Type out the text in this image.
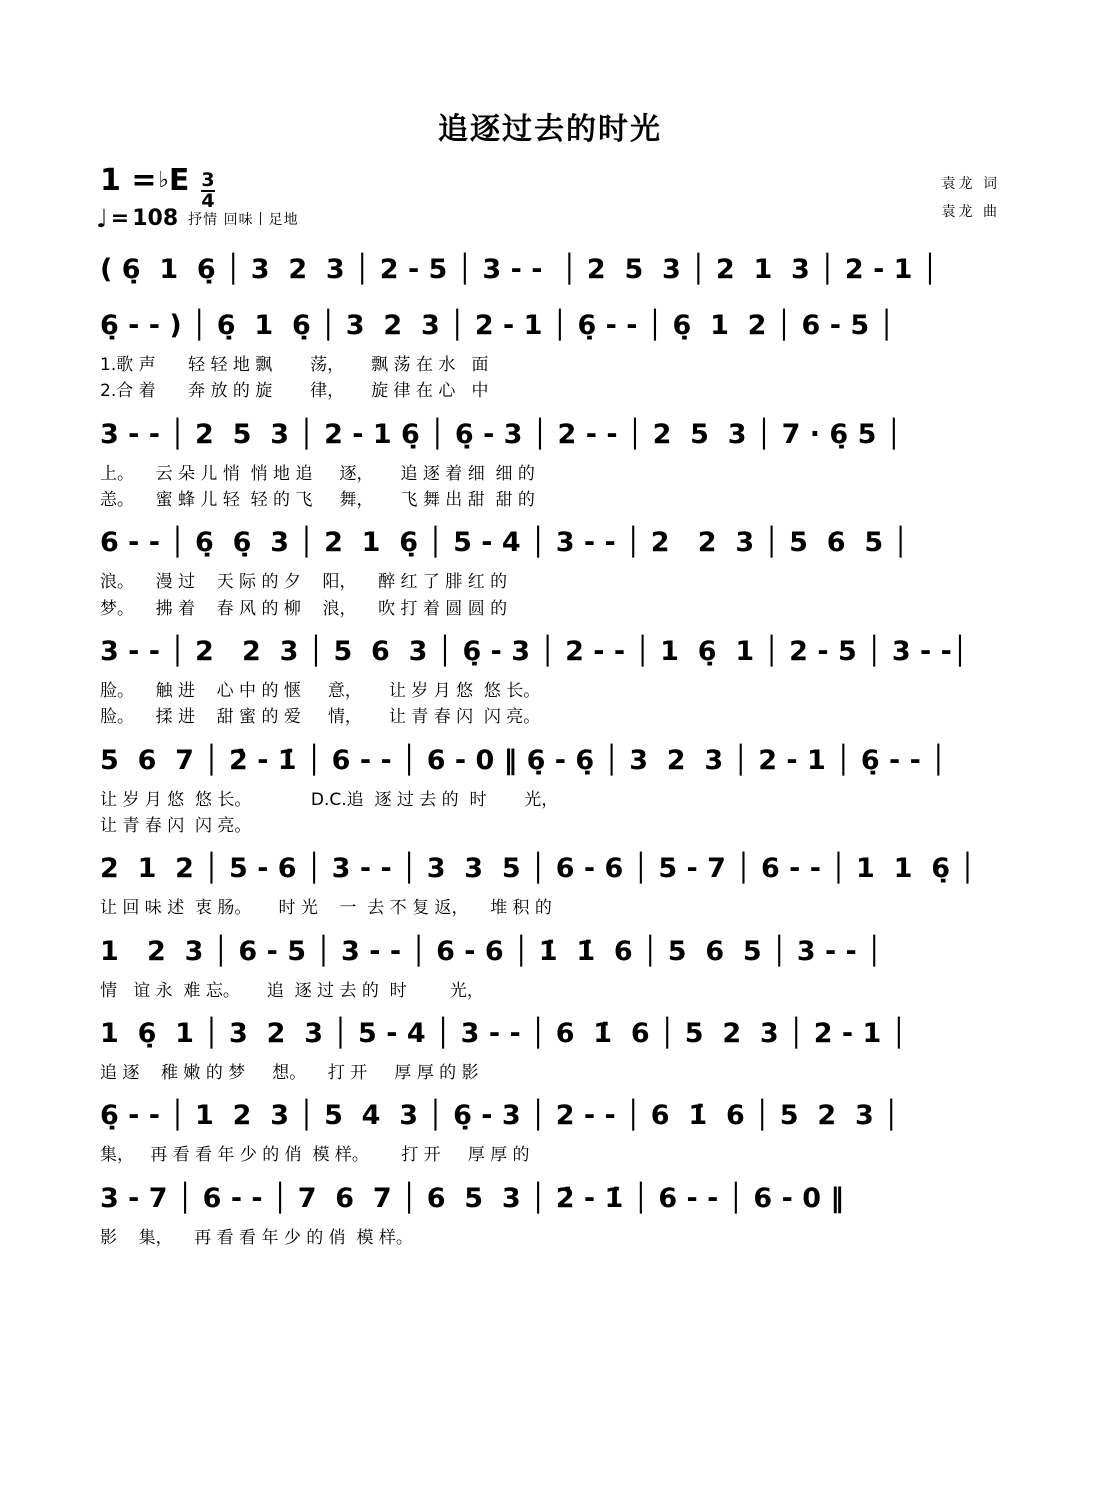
追逐过去的时光
1 = ♭ E $\frac{3}{4}$
♩ = 108 抒情 回味丨足地
袁龙 词
袁龙 曲
( 6̣  1  6̣ │ 3  2  3 │ 2 - 5 │ 3 - -  │ 2  5  3 │ 2  1  3 │ 2 - 1 │
6̣ - - ) │ 6̣  1  6̣ │ 3  2  3 │ 2 - 1 │ 6̣ - - │ 6̣  1  2 │ 6 - 5 │
1.歌 声      轻 轻 地 飘       荡，     飘 荡 在 水   面
2.合 着      奔 放 的 旋       律，     旋 律 在 心   中
3 - - │ 2  5  3 │ 2 - 1 6̣ │ 6̣ - 3 │ 2 - - │ 2  5  3 │ 7 · 6̣ 5 │
上。    云 朵 儿 悄  悄 地 追     逐，     追 逐 着 细  细 的
恙。    蜜 蜂 儿 轻  轻 的 飞     舞，     飞 舞 出 甜  甜 的
6 - - │ 6̣  6̣  3 │ 2  1  6̣ │ 5 - 4 │ 3 - - │ 2   2  3 │ 5  6  5 │
浪。    漫 过    天 际 的 夕    阳，    醉 红 了 腓 红 的
梦。    拂 着    春 风 的 柳    浪，    吹 打 着 圆 圆 的
3 - - │ 2   2  3 │ 5  6  3 │ 6̣ - 3 │ 2 - - │ 1  6̣  1 │ 2 - 5 │ 3 - -│
脸。    触 进    心 中 的 惬     意，     让 岁 月 悠  悠 长。
脸。    揉 进    甜 蜜 的 爱     情，     让 青 春 闪  闪 亮。
5  6  7 │ 2̇ - 1̇ │ 6 - - │ 6 - 0 ‖ 6̣ - 6̣ │ 3  2  3 │ 2 - 1 │ 6̣ - - │
让 岁 月 悠  悠 长。           D.C.追  逐 过 去 的  时       光，
让 青 春 闪  闪 亮。
2  1  2 │ 5 - 6 │ 3 - - │ 3  3  5 │ 6 - 6 │ 5 - 7 │ 6 - - │ 1  1  6̣ │
让 回 味 述  衷 肠。     时 光    一  去 不 复 返，    堆 积 的
1   2  3 │ 6 - 5 │ 3 - - │ 6 - 6 │ 1̇  1̇  6 │ 5  6  5 │ 3 - - │
情   谊 永  难 忘。     追  逐 过 去 的  时        光，
1  6̣  1 │ 3  2  3 │ 5 - 4 │ 3 - - │ 6  1̇  6 │ 5  2  3 │ 2 - 1 │
追 逐    稚 嫩 的 梦     想。    打 开     厚 厚 的 影
6̣ - - │ 1  2  3 │ 5  4  3 │ 6̣ - 3 │ 2 - - │ 6  1̇  6 │ 5  2  3 │
集，   再 看 看 年 少 的 俏  模 样。      打 开     厚 厚 的
3 - 7 │ 6 - - │ 7  6  7 │ 6  5  3 │ 2̇ - 1̇ │ 6 - - │ 6 - 0 ‖
影    集，    再 看 看 年 少 的 俏  模 样。
